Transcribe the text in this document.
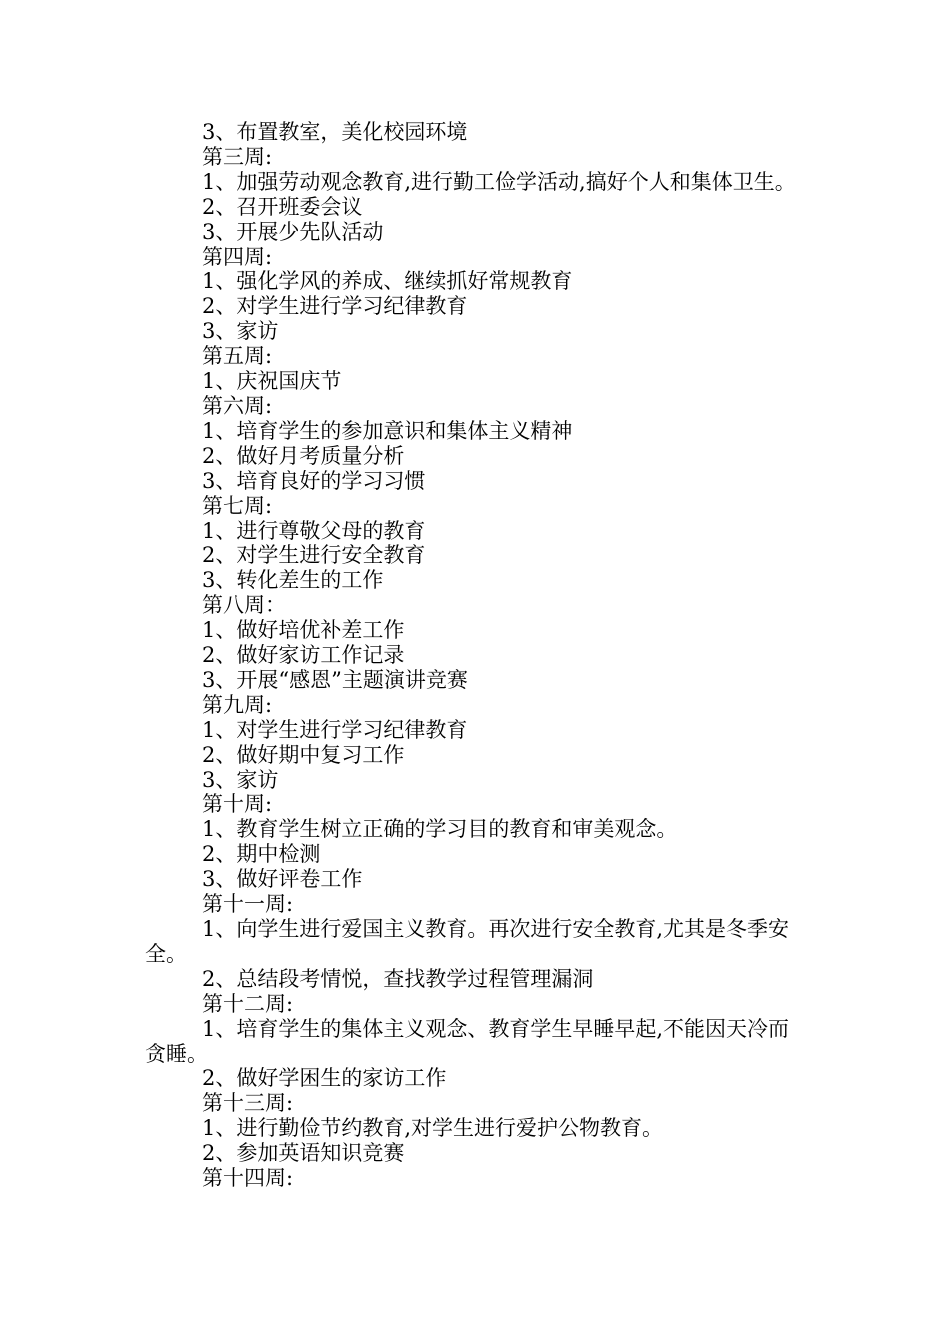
3、布置教室，美化校园环境

第三周:

1、加强劳动观念教育,进行勤工俭学活动,搞好个人和集体卫生。

2、召开班委会议

3、开展少先队活动

第四周:

1、强化学风的养成、继续抓好常规教育

2、对学生进行学习纪律教育

3、家访

第五周:

1、庆祝国庆节

第六周:

1、培育学生的参加意识和集体主义精神

2、做好月考质量分析

3、培育良好的学习习惯

第七周:

1、进行尊敬父母的教育

2、对学生进行安全教育

3、转化差生的工作

第八周：

1、做好培优补差工作

2、做好家访工作记录

3、开展“感恩”主题演讲竞赛

第九周:

1、对学生进行学习纪律教育

2、做好期中复习工作

3、家访

第十周:

1、教育学生树立正确的学习目的教育和审美观念。

2、期中检测

3、做好评卷工作

第十一周:

1、向学生进行爱国主义教育。再次进行安全教育,尤其是冬季安全。

2、总结段考情悦，查找教学过程管理漏洞

第十二周:

1、培育学生的集体主义观念、教育学生早睡早起,不能因天冷而贪睡。

2、做好学困生的家访工作

第十三周:

1、进行勤俭节约教育,对学生进行爱护公物教育。

2、参加英语知识竞赛

第十四周:
